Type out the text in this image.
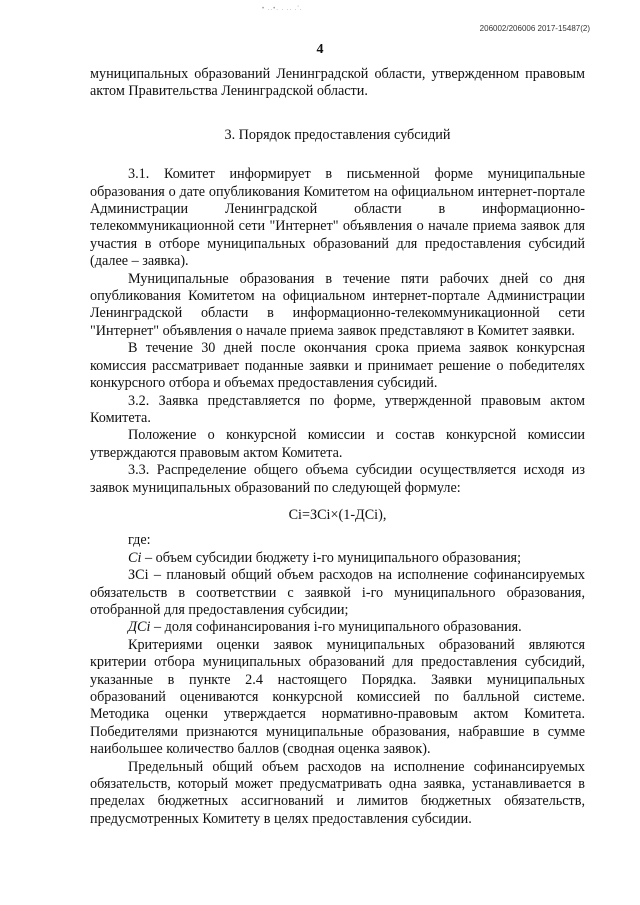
• ..•. . .. .'.
206002/206006 2017-15487(2)
4

муниципальных образований Ленинградской области, утвержденном правовым актом Правительства Ленинградской области.

3. Порядок предоставления субсидий

3.1. Комитет информирует в письменной форме муниципальные образования о дате опубликования Комитетом на официальном интернет-портале Администрации Ленинградской области в информационно-телекоммуникационной сети "Интернет" объявления о начале приема заявок для участия в отборе муниципальных образований для предоставления субсидий (далее – заявка).

Муниципальные образования в течение пяти рабочих дней со дня опубликования Комитетом на официальном интернет-портале Администрации Ленинградской области в информационно-телекоммуникационной сети "Интернет" объявления о начале приема заявок представляют в Комитет заявки.

В течение 30 дней после окончания срока приема заявок конкурсная комиссия рассматривает поданные заявки и принимает решение о победителях конкурсного отбора и объемах предоставления субсидий.

3.2. Заявка представляется по форме, утвержденной правовым актом Комитета.

Положение о конкурсной комиссии и состав конкурсной комиссии утверждаются правовым актом Комитета.

3.3. Распределение общего объема субсидии осуществляется исходя из заявок муниципальных образований по следующей формуле:

Ci=ЗCi×(1-ДCi),

где:

Ci – объем субсидии бюджету i-го муниципального образования;

ЗCi – плановый общий объем расходов на исполнение софинансируемых обязательств в соответствии с заявкой i-го муниципального образования, отобранной для предоставления субсидии;

ДCi – доля софинансирования i-го муниципального образования.

Критериями оценки заявок муниципальных образований являются критерии отбора муниципальных образований для предоставления субсидий, указанные в пункте 2.4 настоящего Порядка. Заявки муниципальных образований оцениваются конкурсной комиссией по балльной системе. Методика оценки утверждается нормативно-правовым актом Комитета. Победителями признаются муниципальные образования, набравшие в сумме наибольшее количество баллов (сводная оценка заявок).

Предельный общий объем расходов на исполнение софинансируемых обязательств, который может предусматривать одна заявка, устанавливается в пределах бюджетных ассигнований и лимитов бюджетных обязательств, предусмотренных Комитету в целях предоставления субсидии.
